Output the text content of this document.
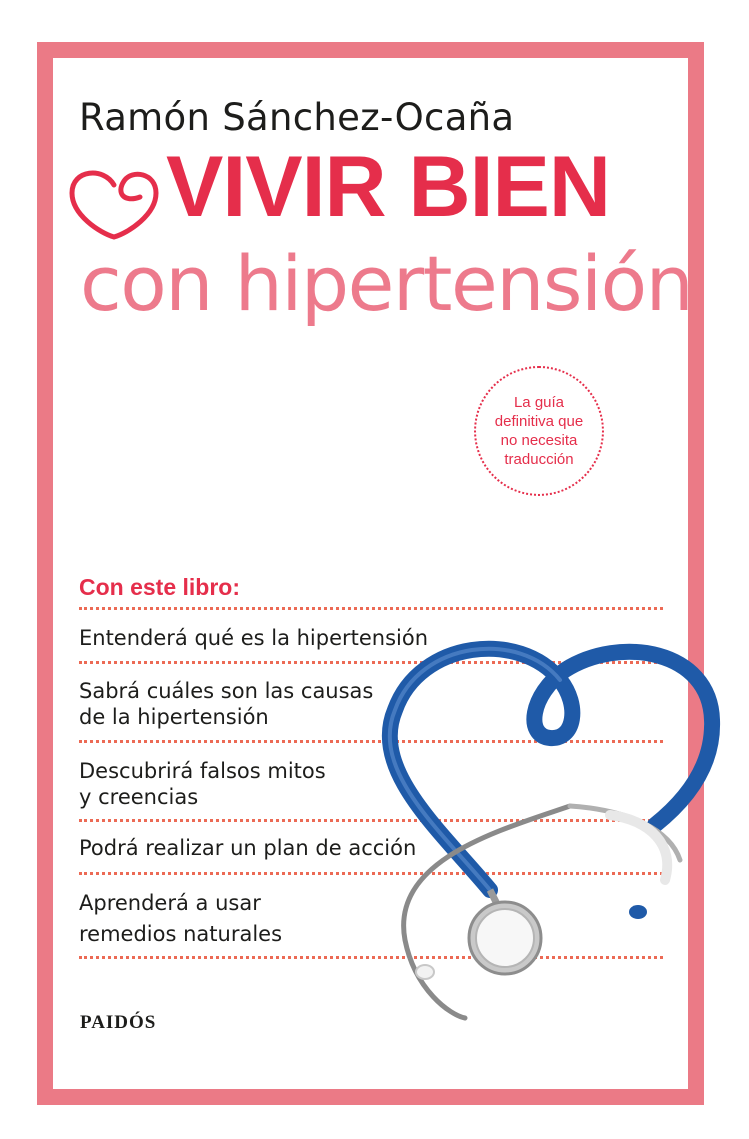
Ramón Sánchez-Ocaña
VIVIR BIEN
con hipertensión
La guía
definitiva que
no necesita
traducción
Con este libro:
Entenderá qué es la hipertensión
Sabrá cuáles son las causas
de la hipertensión
Descubrirá falsos mitos
y creencias
Podrá realizar un plan de acción
Aprenderá a usar
remedios naturales
PAIDÓS
